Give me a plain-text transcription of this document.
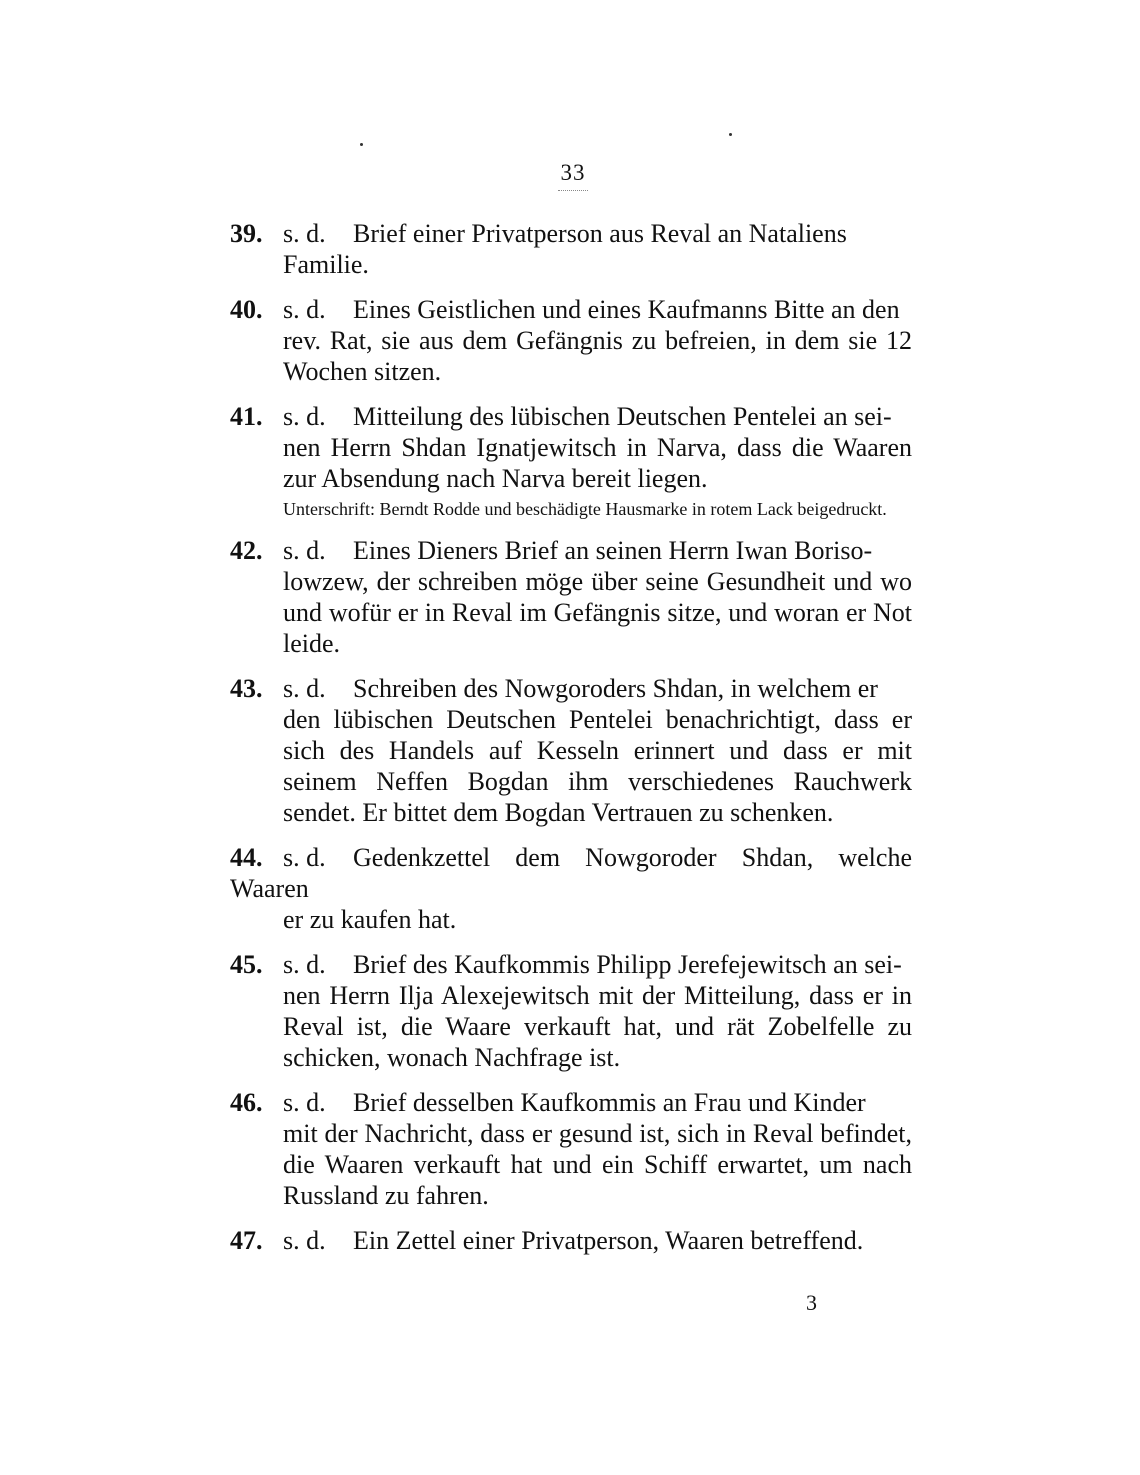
33
39. s. d. Brief einer Privatperson aus Reval an Nataliens
Familie.
40. s. d. Eines Geistlichen und eines Kaufmanns Bitte an den
rev. Rat, sie aus dem Gefängnis zu befreien, in dem sie 12 Wochen sitzen.
41. s. d. Mitteilung des lübischen Deutschen Pentelei an sei-
nen Herrn Shdan Ignatjewitsch in Narva, dass die Waaren zur Absendung nach Narva bereit liegen.
Unterschrift: Berndt Rodde und beschädigte Hausmarke in rotem Lack beigedruckt.
42. s. d. Eines Dieners Brief an seinen Herrn Iwan Boriso-
lowzew, der schreiben möge über seine Gesundheit und wo und wofür er in Reval im Gefängnis sitze, und woran er Not leide.
43. s. d. Schreiben des Nowgoroders Shdan, in welchem er
den lübischen Deutschen Pentelei benachrichtigt, dass er sich des Handels auf Kesseln erinnert und dass er mit seinem Neffen Bogdan ihm verschiedenes Rauchwerk sendet. Er bittet dem Bogdan Vertrauen zu schenken.
44. s. d. Gedenkzettel dem Nowgoroder Shdan, welche Waaren
er zu kaufen hat.
45. s. d. Brief des Kaufkommis Philipp Jerefejewitsch an sei-
nen Herrn Ilja Alexejewitsch mit der Mitteilung, dass er in Reval ist, die Waare verkauft hat, und rät Zobelfelle zu schicken, wonach Nachfrage ist.
46. s. d. Brief desselben Kaufkommis an Frau und Kinder
mit der Nachricht, dass er gesund ist, sich in Reval befindet, die Waaren verkauft hat und ein Schiff erwartet, um nach Russland zu fahren.
47. s. d. Ein Zettel einer Privatperson, Waaren betreffend.
3
